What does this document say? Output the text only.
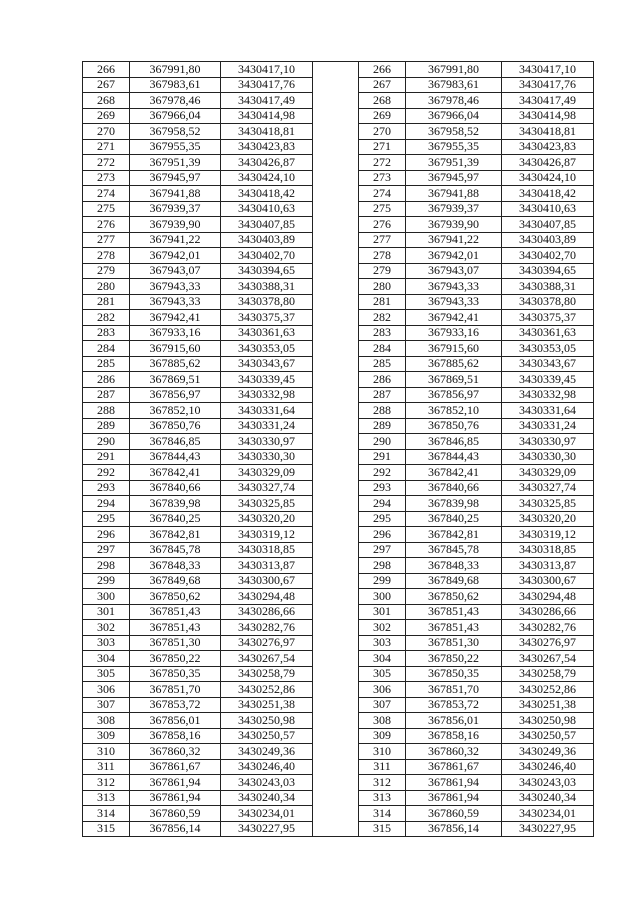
266	367991,80	3430417,10		266	367991,80	3430417,10
267	367983,61	3430417,76		267	367983,61	3430417,76
268	367978,46	3430417,49		268	367978,46	3430417,49
269	367966,04	3430414,98		269	367966,04	3430414,98
270	367958,52	3430418,81		270	367958,52	3430418,81
271	367955,35	3430423,83		271	367955,35	3430423,83
272	367951,39	3430426,87		272	367951,39	3430426,87
273	367945,97	3430424,10		273	367945,97	3430424,10
274	367941,88	3430418,42		274	367941,88	3430418,42
275	367939,37	3430410,63		275	367939,37	3430410,63
276	367939,90	3430407,85		276	367939,90	3430407,85
277	367941,22	3430403,89		277	367941,22	3430403,89
278	367942,01	3430402,70		278	367942,01	3430402,70
279	367943,07	3430394,65		279	367943,07	3430394,65
280	367943,33	3430388,31		280	367943,33	3430388,31
281	367943,33	3430378,80		281	367943,33	3430378,80
282	367942,41	3430375,37		282	367942,41	3430375,37
283	367933,16	3430361,63		283	367933,16	3430361,63
284	367915,60	3430353,05		284	367915,60	3430353,05
285	367885,62	3430343,67		285	367885,62	3430343,67
286	367869,51	3430339,45		286	367869,51	3430339,45
287	367856,97	3430332,98		287	367856,97	3430332,98
288	367852,10	3430331,64		288	367852,10	3430331,64
289	367850,76	3430331,24		289	367850,76	3430331,24
290	367846,85	3430330,97		290	367846,85	3430330,97
291	367844,43	3430330,30		291	367844,43	3430330,30
292	367842,41	3430329,09		292	367842,41	3430329,09
293	367840,66	3430327,74		293	367840,66	3430327,74
294	367839,98	3430325,85		294	367839,98	3430325,85
295	367840,25	3430320,20		295	367840,25	3430320,20
296	367842,81	3430319,12		296	367842,81	3430319,12
297	367845,78	3430318,85		297	367845,78	3430318,85
298	367848,33	3430313,87		298	367848,33	3430313,87
299	367849,68	3430300,67		299	367849,68	3430300,67
300	367850,62	3430294,48		300	367850,62	3430294,48
301	367851,43	3430286,66		301	367851,43	3430286,66
302	367851,43	3430282,76		302	367851,43	3430282,76
303	367851,30	3430276,97		303	367851,30	3430276,97
304	367850,22	3430267,54		304	367850,22	3430267,54
305	367850,35	3430258,79		305	367850,35	3430258,79
306	367851,70	3430252,86		306	367851,70	3430252,86
307	367853,72	3430251,38		307	367853,72	3430251,38
308	367856,01	3430250,98		308	367856,01	3430250,98
309	367858,16	3430250,57		309	367858,16	3430250,57
310	367860,32	3430249,36		310	367860,32	3430249,36
311	367861,67	3430246,40		311	367861,67	3430246,40
312	367861,94	3430243,03		312	367861,94	3430243,03
313	367861,94	3430240,34		313	367861,94	3430240,34
314	367860,59	3430234,01		314	367860,59	3430234,01
315	367856,14	3430227,95		315	367856,14	3430227,95
